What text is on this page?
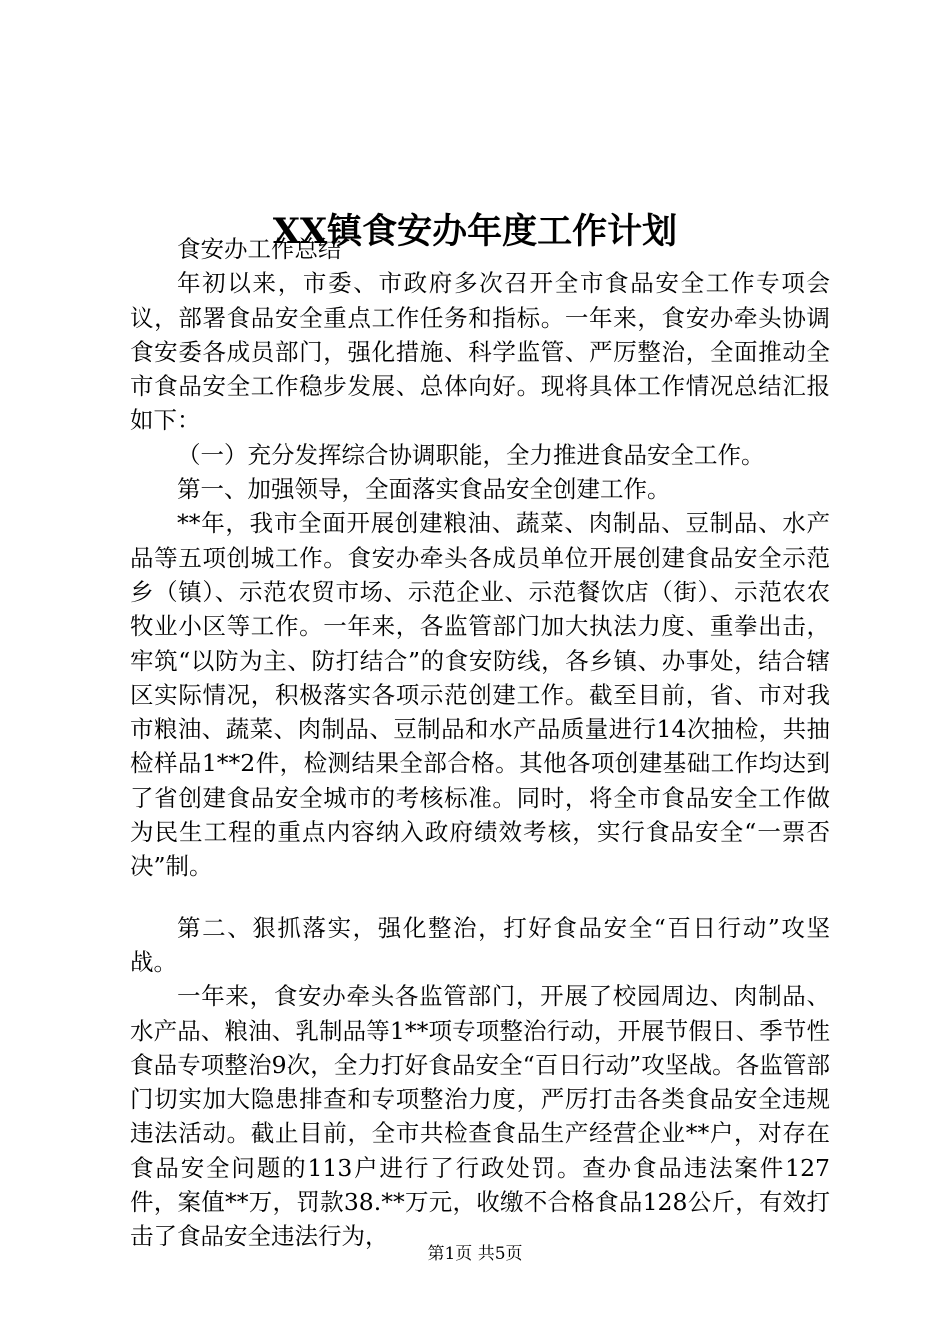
XX镇食安办年度工作计划

食安办工作总结

年初以来，市委、市政府多次召开全市食品安全工作专项会议，部署食品安全重点工作任务和指标。一年来，食安办牵头协调食安委各成员部门，强化措施、科学监管、严厉整治，全面推动全市食品安全工作稳步发展、总体向好。现将具体工作情况总结汇报如下：

（一）充分发挥综合协调职能，全力推进食品安全工作。

第一、加强领导，全面落实食品安全创建工作。

**年，我市全面开展创建粮油、蔬菜、肉制品、豆制品、水产品等五项创城工作。食安办牵头各成员单位开展创建食品安全示范乡（镇）、示范农贸市场、示范企业、示范餐饮店（街）、示范农农牧业小区等工作。一年来，各监管部门加大执法力度、重拳出击，牢筑“以防为主、防打结合”的食安防线，各乡镇、办事处，结合辖区实际情况，积极落实各项示范创建工作。截至目前，省、市对我市粮油、蔬菜、肉制品、豆制品和水产品质量进行14次抽检，共抽检样品1**2件，检测结果全部合格。其他各项创建基础工作均达到了省创建食品安全城市的考核标准。同时，将全市食品安全工作做为民生工程的重点内容纳入政府绩效考核，实行食品安全“一票否决”制。

第二、狠抓落实，强化整治，打好食品安全“百日行动”攻坚战。

一年来，食安办牵头各监管部门，开展了校园周边、肉制品、水产品、粮油、乳制品等1**项专项整治行动，开展节假日、季节性食品专项整治9次，全力打好食品安全“百日行动”攻坚战。各监管部门切实加大隐患排查和专项整治力度，严厉打击各类食品安全违规违法活动。截止目前，全市共检查食品生产经营企业**户，对存在食品安全问题的113户进行了行政处罚。查办食品违法案件127件，案值**万，罚款38.**万元，收缴不合格食品128公斤，有效打击了食品安全违法行为，

第1页 共5页
